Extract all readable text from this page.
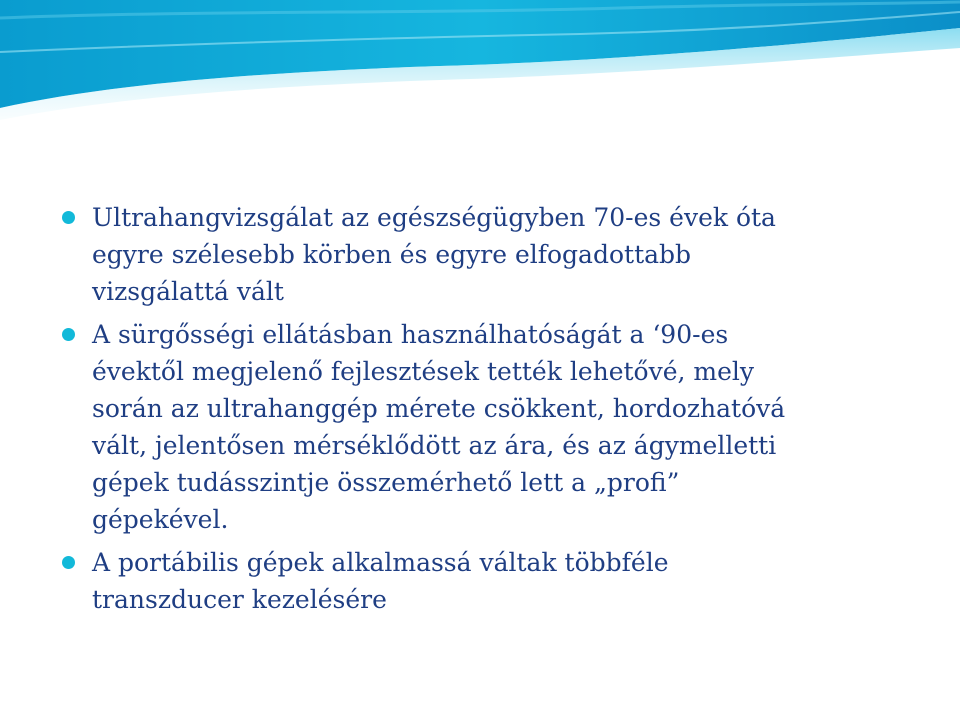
Ultrahangvizsgálat az egészségügyben 70-es évek óta
egyre szélesebb körben és egyre elfogadottabb
vizsgálattá vált
A sürgősségi ellátásban használhatóságát a ‘90-es
évektől megjelenő fejlesztések tették lehetővé, mely
során az ultrahanggép mérete csökkent, hordozhatóvá
vált, jelentősen mérséklődött az ára, és az ágymelletti
gépek tudásszintje összemérhető lett a „profi”
gépekével.
A portábilis gépek alkalmassá váltak többféle
transzducer kezelésére
